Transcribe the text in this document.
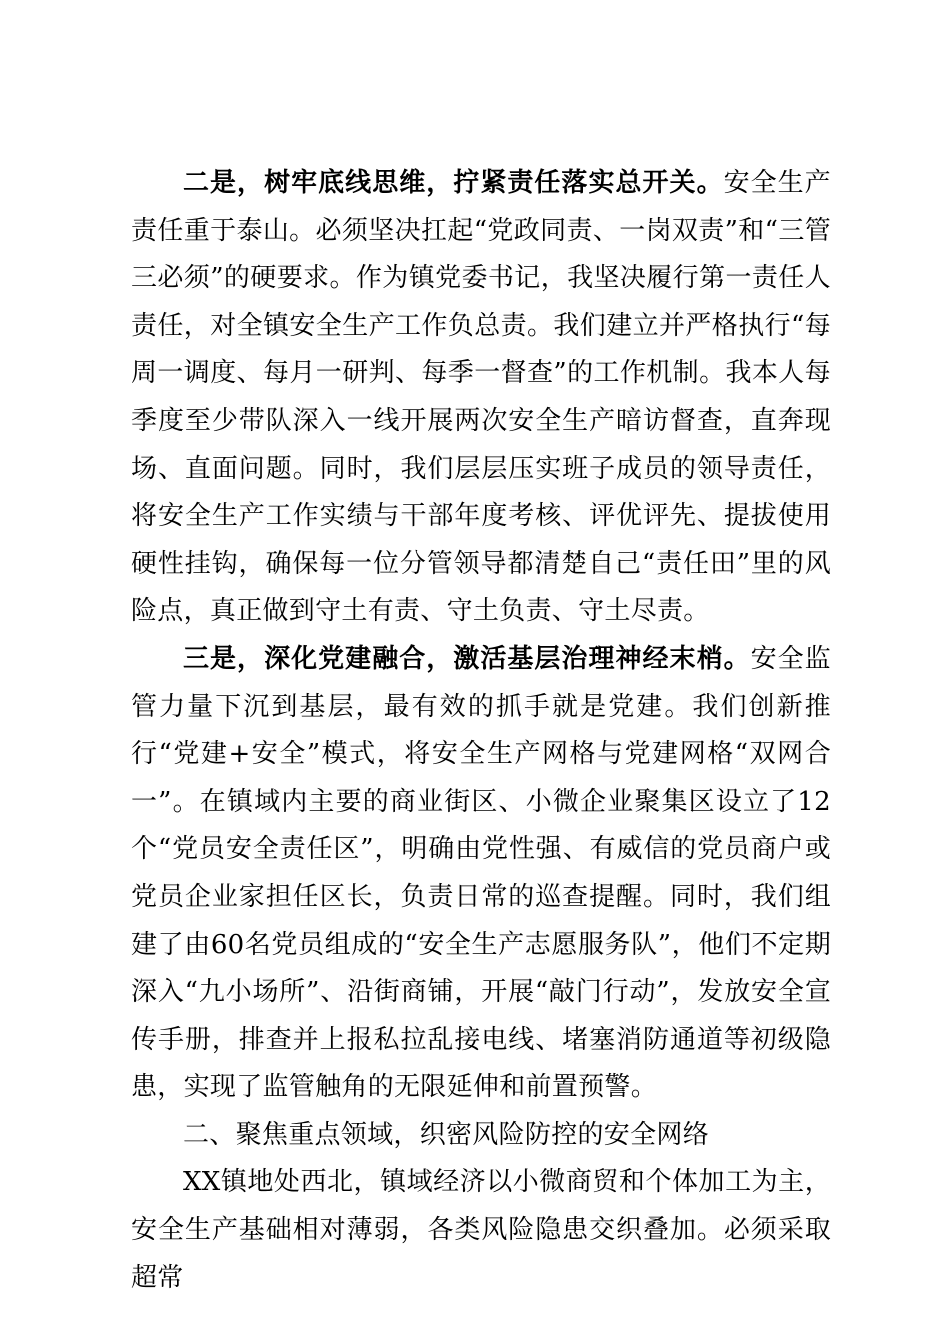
二是，树牢底线思维，拧紧责任落实总开关。安全生产责任重于泰山。必须坚决扛起“党政同责、一岗双责”和“三管三必须”的硬要求。作为镇党委书记，我坚决履行第一责任人责任，对全镇安全生产工作负总责。我们建立并严格执行“每周一调度、每月一研判、每季一督查”的工作机制。我本人每季度至少带队深入一线开展两次安全生产暗访督查，直奔现场、直面问题。同时，我们层层压实班子成员的领导责任，将安全生产工作实绩与干部年度考核、评优评先、提拔使用硬性挂钩，确保每一位分管领导都清楚自己“责任田”里的风险点，真正做到守土有责、守土负责、守土尽责。

三是，深化党建融合，激活基层治理神经末梢。安全监管力量下沉到基层，最有效的抓手就是党建。我们创新推行“党建+安全”模式，将安全生产网格与党建网格“双网合一”。在镇域内主要的商业街区、小微企业聚集区设立了12个“党员安全责任区”，明确由党性强、有威信的党员商户或党员企业家担任区长，负责日常的巡查提醒。同时，我们组建了由60名党员组成的“安全生产志愿服务队”，他们不定期深入“九小场所”、沿街商铺，开展“敲门行动”，发放安全宣传手册，排查并上报私拉乱接电线、堵塞消防通道等初级隐患，实现了监管触角的无限延伸和前置预警。

二、聚焦重点领域，织密风险防控的安全网络

XX镇地处西北，镇域经济以小微商贸和个体加工为主，安全生产基础相对薄弱，各类风险隐患交织叠加。必须采取超常
